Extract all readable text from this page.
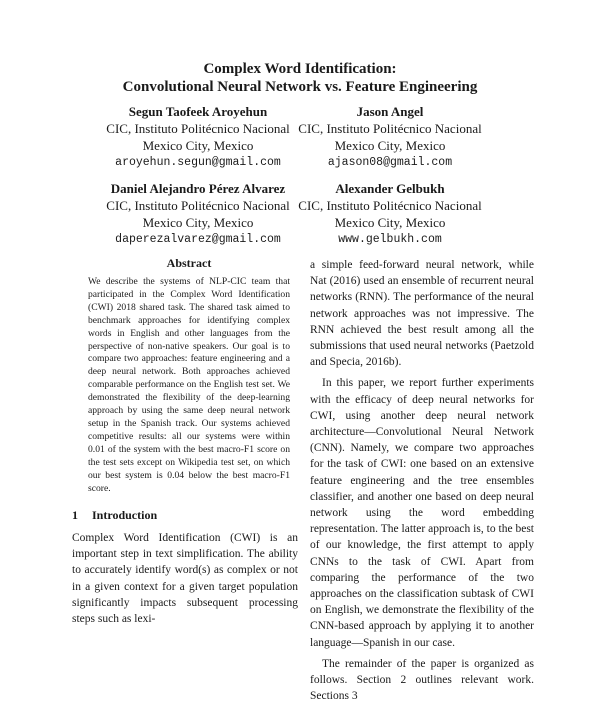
Complex Word Identification:
Convolutional Neural Network vs. Feature Engineering
Segun Taofeek Aroyehun
CIC, Instituto Politécnico Nacional
Mexico City, Mexico
aroyehun.segun@gmail.com
Jason Angel
CIC, Instituto Politécnico Nacional
Mexico City, Mexico
ajason08@gmail.com
Daniel Alejandro Pérez Alvarez
CIC, Instituto Politécnico Nacional
Mexico City, Mexico
daperezalvarez@gmail.com
Alexander Gelbukh
CIC, Instituto Politécnico Nacional
Mexico City, Mexico
www.gelbukh.com
Abstract
We describe the systems of NLP-CIC team that participated in the Complex Word Identification (CWI) 2018 shared task. The shared task aimed to benchmark approaches for identifying complex words in English and other languages from the perspective of non-native speakers. Our goal is to compare two approaches: feature engineering and a deep neural network. Both approaches achieved comparable performance on the English test set. We demonstrated the flexibility of the deep-learning approach by using the same deep neural network setup in the Spanish track. Our systems achieved competitive results: all our systems were within 0.01 of the system with the best macro-F1 score on the test sets except on Wikipedia test set, on which our best system is 0.04 below the best macro-F1 score.
1 Introduction
Complex Word Identification (CWI) is an important step in text simplification. The ability to accurately identify word(s) as complex or not in a given context for a given target population significantly impacts subsequent processing steps such as lexi-
a simple feed-forward neural network, while Nat (2016) used an ensemble of recurrent neural networks (RNN). The performance of the neural network approaches was not impressive. The RNN achieved the best result among all the submissions that used neural networks (Paetzold and Specia, 2016b).
In this paper, we report further experiments with the efficacy of deep neural networks for CWI, using another deep neural network architecture—Convolutional Neural Network (CNN). Namely, we compare two approaches for the task of CWI: one based on an extensive feature engineering and the tree ensembles classifier, and another one based on deep neural network using the word embedding representation. The latter approach is, to the best of our knowledge, the first attempt to apply CNNs to the task of CWI. Apart from comparing the performance of the two approaches on the classification subtask of CWI on English, we demonstrate the flexibility of the CNN-based approach by applying it to another language—Spanish in our case.
The remainder of the paper is organized as follows. Section 2 outlines relevant work. Sections 3
